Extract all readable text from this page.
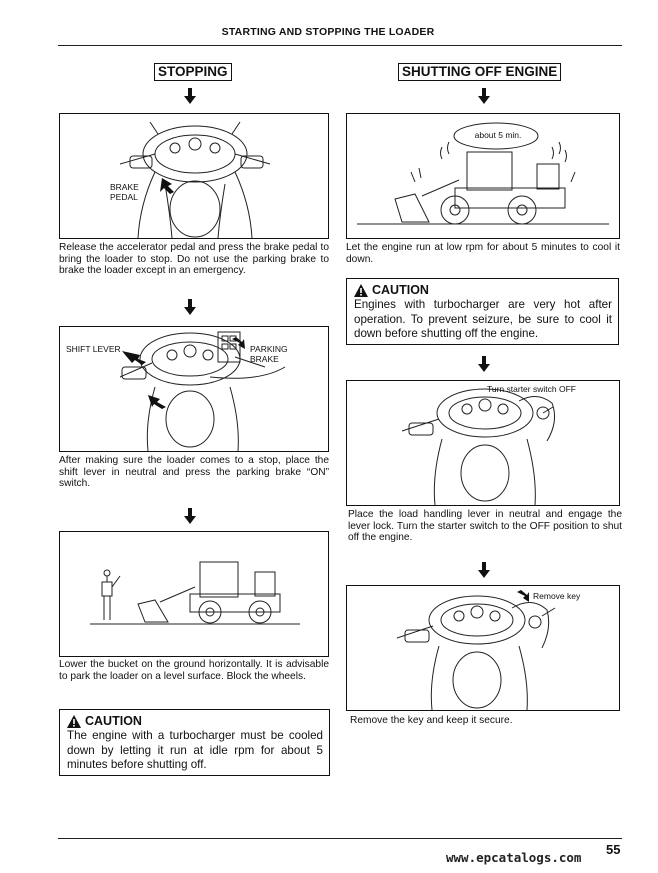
STARTING AND STOPPING THE LOADER
STOPPING
BRAKE
PEDAL
Release the accelerator pedal and press the brake pedal to bring the loader to stop. Do not use the parking brake to brake the loader except in an emergency.
SHIFT LEVER	PARKING
BRAKE
After making sure the loader comes to a stop, place the shift lever in neutral and press the parking brake “ON” switch.
Lower the bucket on the ground horizontally. It is advisable to park the loader on a level surface. Block the wheels.
CAUTION
The engine with a turbocharger must be cooled down by letting it run at idle rpm for about 5 minutes before shutting off.
SHUTTING OFF ENGINE
about 5 min.
Let the engine run at low rpm for about 5 minutes to cool it down.
CAUTION
Engines with turbocharger are very hot after operation. To prevent seizure, be sure to cool it down before shutting off the engine.
Turn starter switch OFF
Place the load handling lever in neutral and engage the lever lock. Turn the starter switch to the OFF position to shut off the engine.
Remove key
Remove the key and keep it secure.
www.epcatalogs.com
55
